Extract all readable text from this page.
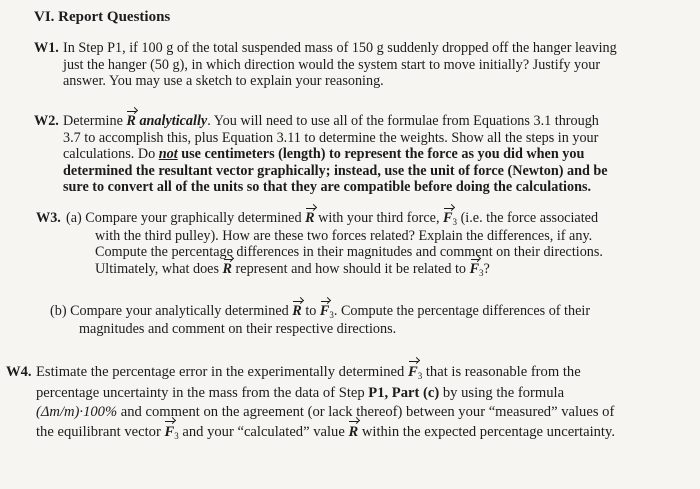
VI. Report Questions
W1. In Step P1, if 100 g of the total suspended mass of 150 g suddenly dropped off the hanger leaving
just the hanger (50 g), in which direction would the system start to move initially? Justify your
answer. You may use a sketch to explain your reasoning.
W2. Determine R analytically. You will need to use all of the formulae from Equations 3.1 through
3.7 to accomplish this, plus Equation 3.11 to determine the weights. Show all the steps in your
calculations. Do not use centimeters (length) to represent the force as you did when you
determined the resultant vector graphically; instead, use the unit of force (Newton) and be
sure to convert all of the units so that they are compatible before doing the calculations.
W3. (a) Compare your graphically determined R with your third force, $F_3$ (i.e. the force associated
with the third pulley). How are these two forces related? Explain the differences, if any.
Compute the percentage differences in their magnitudes and comment on their directions.
Ultimately, what does R represent and how should it be related to $F_3$?
(b) Compare your analytically determined R to $F_3$. Compute the percentage differences of their
magnitudes and comment on their respective directions.
W4. Estimate the percentage error in the experimentally determined $F_3$ that is reasonable from the
percentage uncertainty in the mass from the data of Step P1, Part (c) by using the formula
(Δm/m)·100% and comment on the agreement (or lack thereof) between your “measured” values of
the equilibrant vector $F_3$ and your “calculated” value R within the expected percentage uncertainty.
